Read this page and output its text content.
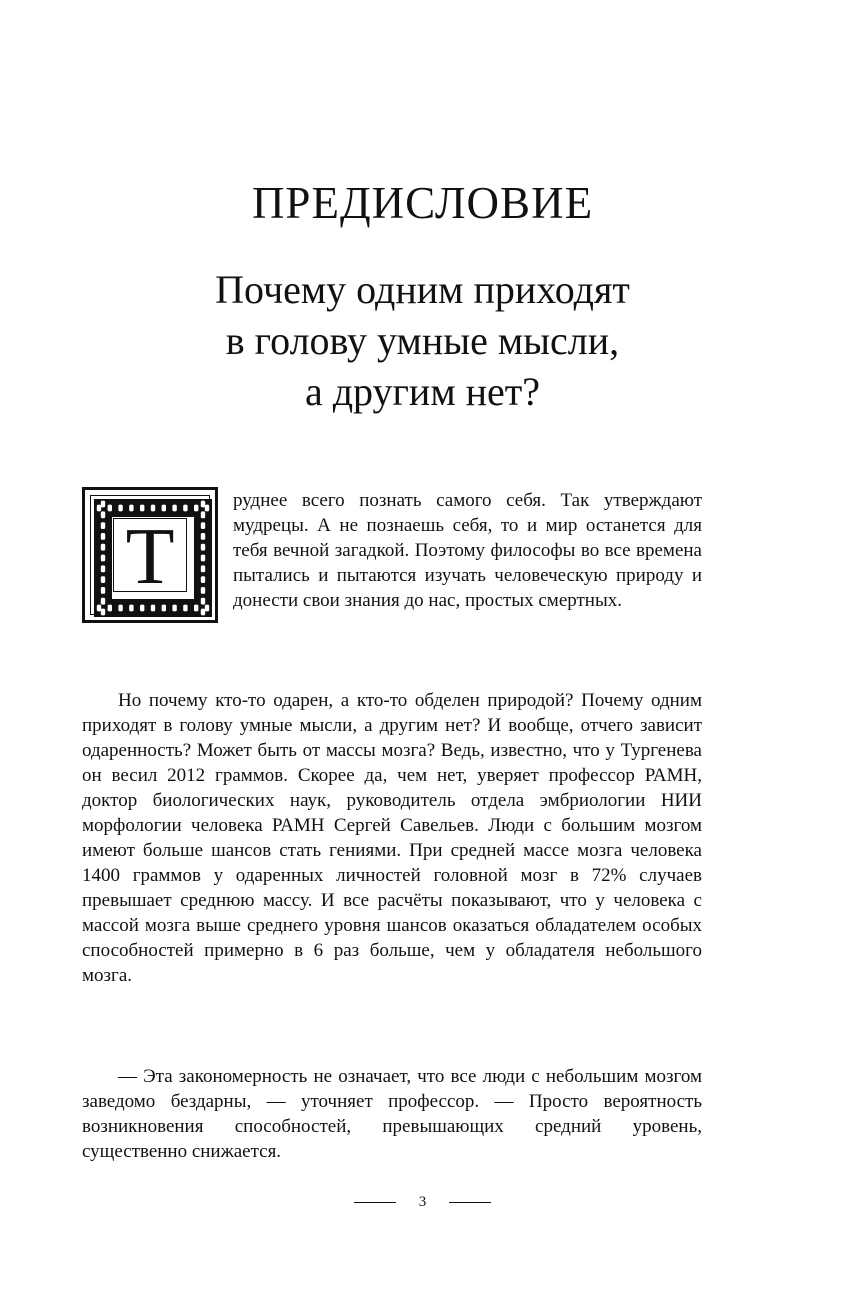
ПРЕДИСЛОВИЕ
Почему одним приходят
в голову умные мысли,
а другим нет?
Т
руднее всего познать самого себя. Так утверждают мудрецы. А не познаешь себя, то и мир останется для тебя вечной загадкой. Поэтому философы во все времена пытались и пытаются изучать человеческую природу и донести свои знания до нас, простых смертных.
Но почему кто-то одарен, а кто-то обделен природой? Почему одним приходят в голову умные мысли, а другим нет? И вообще, отчего зависит одаренность? Может быть от массы мозга? Ведь, известно, что у Тургенева он весил 2012 граммов. Скорее да, чем нет, уверяет профессор РАМН, доктор биологических наук, руководитель отдела эмбриологии НИИ морфологии человека РАМН Сергей Савельев. Люди с большим мозгом имеют больше шансов стать гениями. При средней массе мозга человека 1400 граммов у одаренных личностей головной мозг в 72% случаев превышает среднюю массу. И все расчёты показывают, что у человека с массой мозга выше среднего уровня шансов оказаться обладателем особых способностей примерно в 6 раз больше, чем у обладателя небольшого мозга.
— Эта закономерность не означает, что все люди с небольшим мозгом заведомо бездарны, — уточняет профессор. — Просто вероятность возникновения способностей, превышающих средний уровень, существенно снижается.
3
